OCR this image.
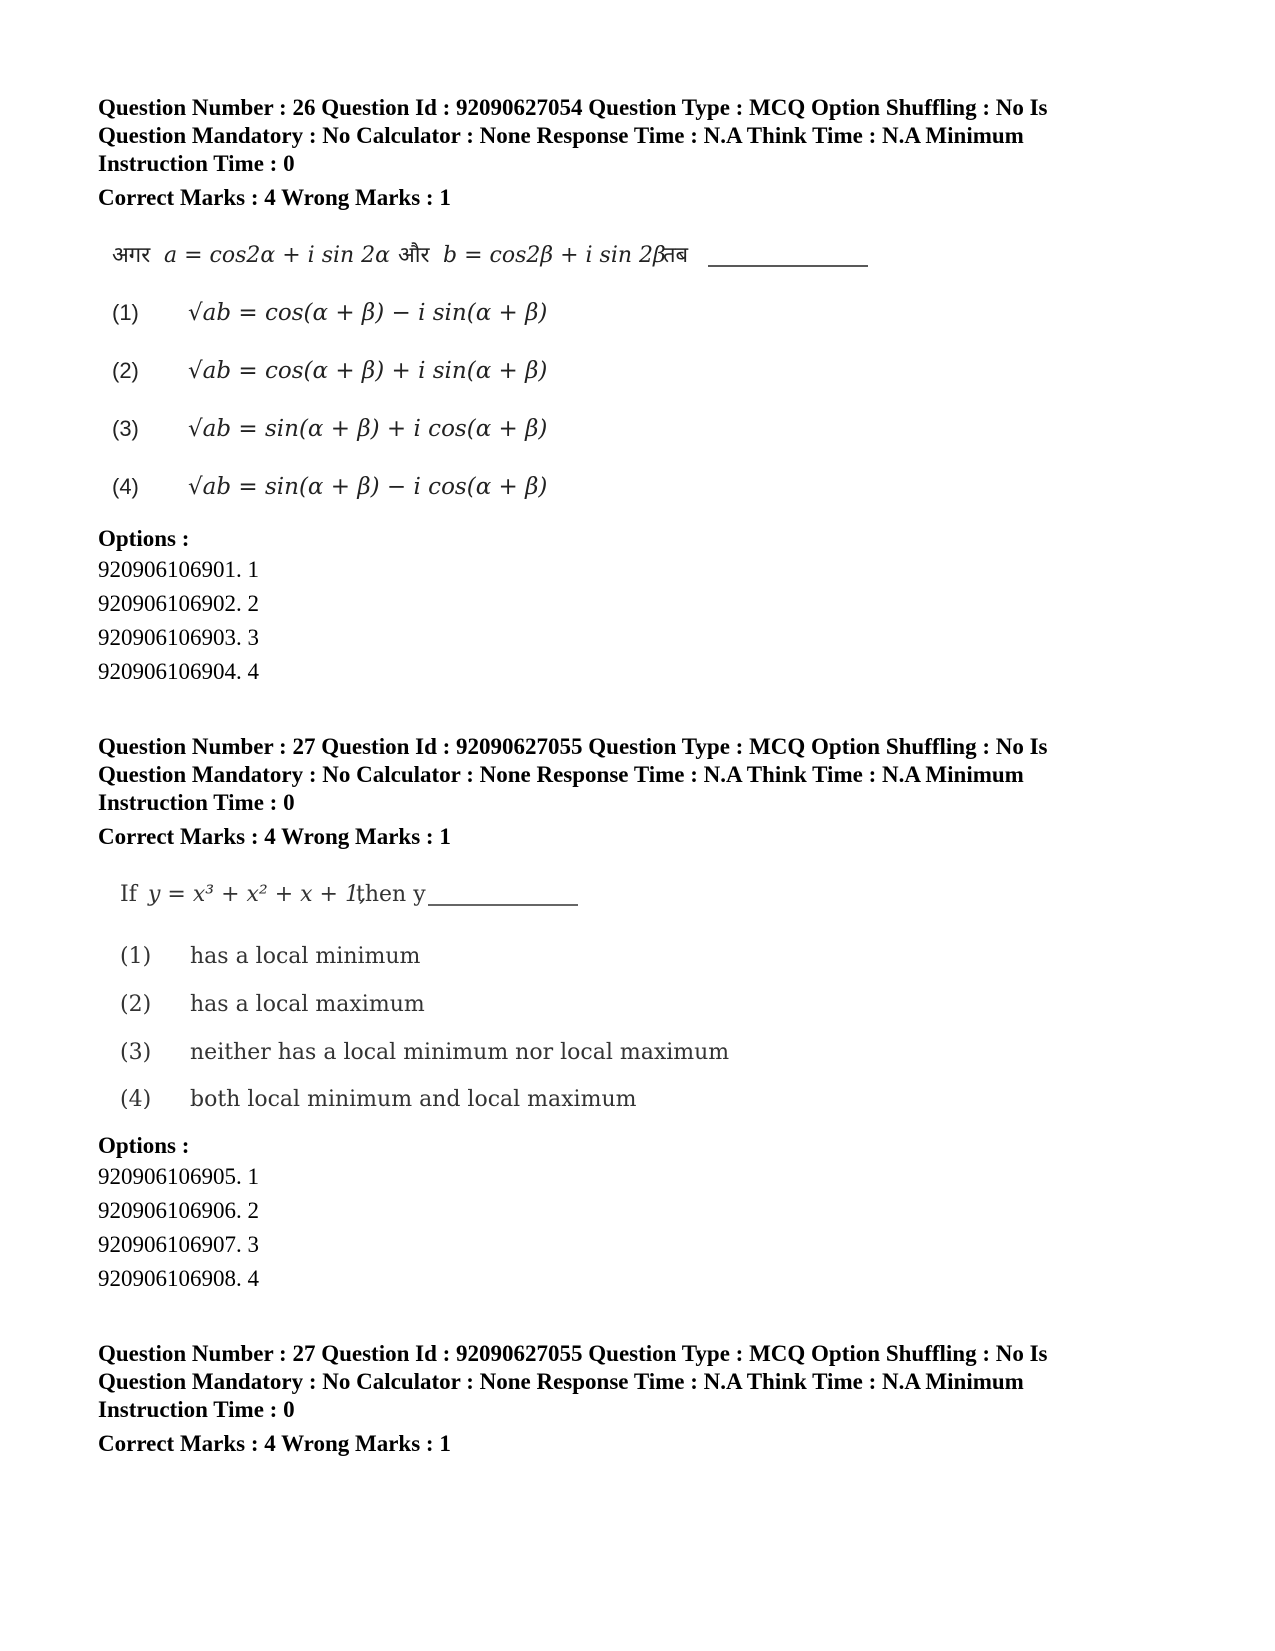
Question Number : 26 Question Id : 92090627054 Question Type : MCQ Option Shuffling : No Is

Question Mandatory : No Calculator : None Response Time : N.A Think Time : N.A Minimum

Instruction Time : 0

Correct Marks : 4 Wrong Marks : 1

अगर a = cos2α + i sin 2α और b = cos2β + i sin 2β
तब
(1)
(2)
(3)
(4)
√ab = cos(α + β) − i sin(α + β)
√ab = cos(α + β) + i sin(α + β)
√ab = sin(α + β) + i cos(α + β)
√ab = sin(α + β) − i cos(α + β)
Options :
920906106901. 1
920906106902. 2
920906106903. 3
920906106904. 4

Question Number : 27 Question Id : 92090627055 Question Type : MCQ Option Shuffling : No Is

Question Mandatory : No Calculator : None Response Time : N.A Think Time : N.A Minimum

Instruction Time : 0

Correct Marks : 4 Wrong Marks : 1

If y = x³ + x² + x + 1,
then y
(1)
(2)
(3)
(4)
has a local minimum
has a local maximum
neither has a local minimum nor local maximum
both local minimum and local maximum
Options :
920906106905. 1
920906106906. 2
920906106907. 3
920906106908. 4

Question Number : 27 Question Id : 92090627055 Question Type : MCQ Option Shuffling : No Is

Question Mandatory : No Calculator : None Response Time : N.A Think Time : N.A Minimum

Instruction Time : 0

Correct Marks : 4 Wrong Marks : 1
